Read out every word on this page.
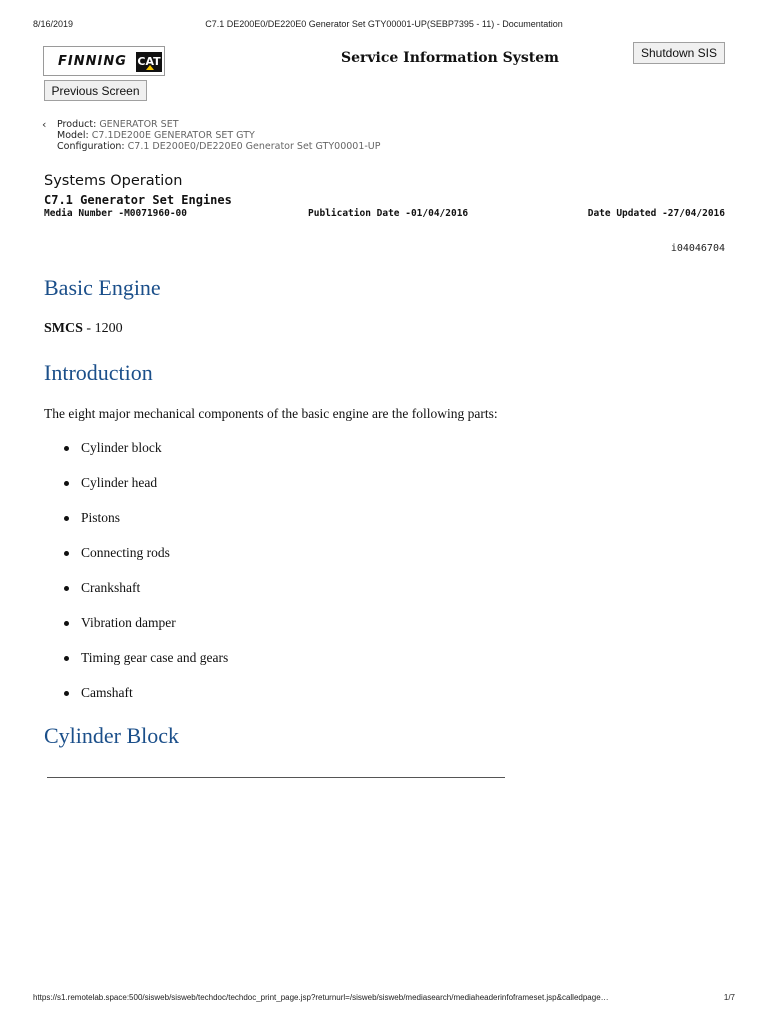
8/16/2019	C7.1 DE200E0/DE220E0 Generator Set GTY00001-UP(SEBP7395 - 11) - Documentation
FINNING CAT	Service Information System	Shutdown SIS
Previous Screen
‹ Product: GENERATOR SET
Model: C7.1DE200E GENERATOR SET GTY
Configuration: C7.1 DE200E0/DE220E0 Generator Set GTY00001-UP
Systems Operation
C7.1 Generator Set Engines
Media Number -M0071960-00	Publication Date -01/04/2016	Date Updated -27/04/2016
i04046704
Basic Engine
SMCS - 1200
Introduction
The eight major mechanical components of the basic engine are the following parts:
Cylinder block
Cylinder head
Pistons
Connecting rods
Crankshaft
Vibration damper
Timing gear case and gears
Camshaft
Cylinder Block
https://s1.remotelab.space:500/sisweb/sisweb/techdoc/techdoc_print_page.jsp?returnurl=/sisweb/sisweb/mediasearch/mediaheaderinfoframeset.jsp&calledpage…	1/7
